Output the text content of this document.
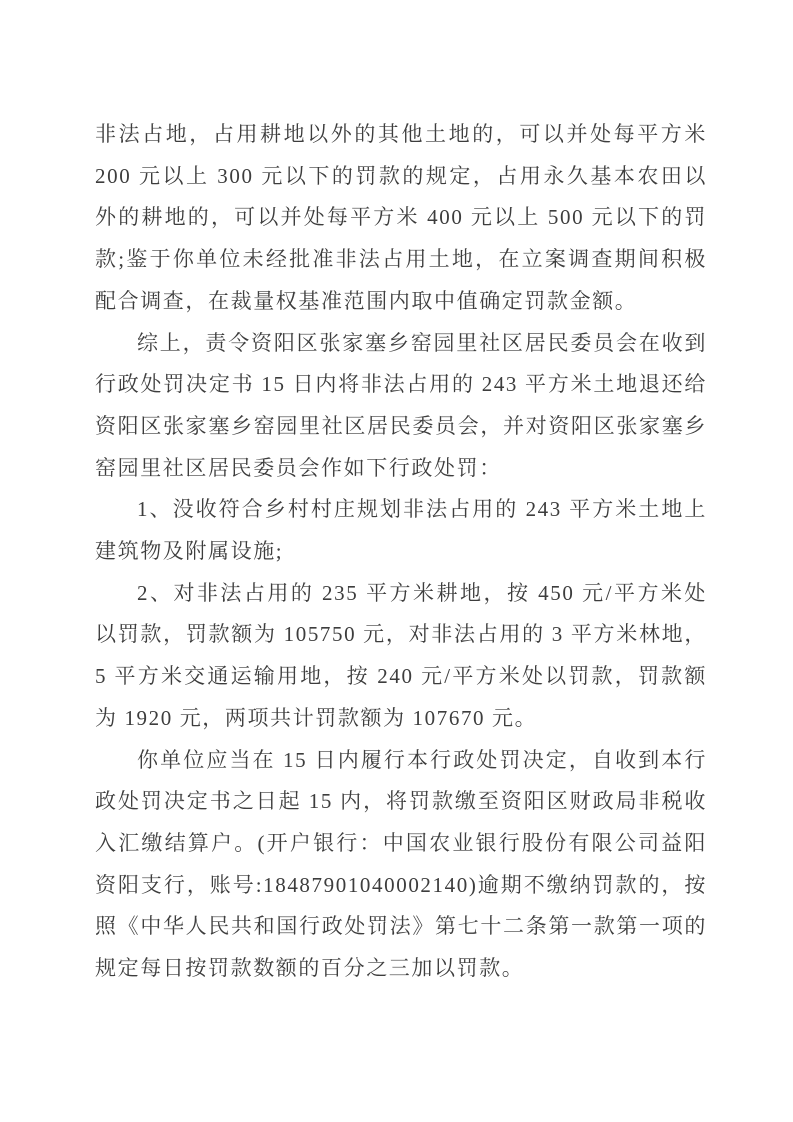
非法占地，占用耕地以外的其他土地的，可以并处每平方米 200 元以上 300 元以下的罚款的规定，占用永久基本农田以外的耕地的，可以并处每平方米 400 元以上 500 元以下的罚款;鉴于你单位未经批准非法占用土地，在立案调查期间积极配合调查，在裁量权基准范围内取中值确定罚款金额。

综上，责令资阳区张家塞乡窑园里社区居民委员会在收到行政处罚决定书 15 日内将非法占用的 243 平方米土地退还给资阳区张家塞乡窑园里社区居民委员会，并对资阳区张家塞乡窑园里社区居民委员会作如下行政处罚：

1、没收符合乡村村庄规划非法占用的 243 平方米土地上建筑物及附属设施;

2、对非法占用的 235 平方米耕地，按 450 元/平方米处以罚款，罚款额为 105750 元，对非法占用的 3 平方米林地，5 平方米交通运输用地，按 240 元/平方米处以罚款，罚款额为 1920 元，两项共计罚款额为 107670 元。

你单位应当在 15 日内履行本行政处罚决定，自收到本行政处罚决定书之日起 15 内，将罚款缴至资阳区财政局非税收入汇缴结算户。(开户银行：中国农业银行股份有限公司益阳资阳支行，账号:18487901040002140)逾期不缴纳罚款的，按照《中华人民共和国行政处罚法》第七十二条第一款第一项的规定每日按罚款数额的百分之三加以罚款。
